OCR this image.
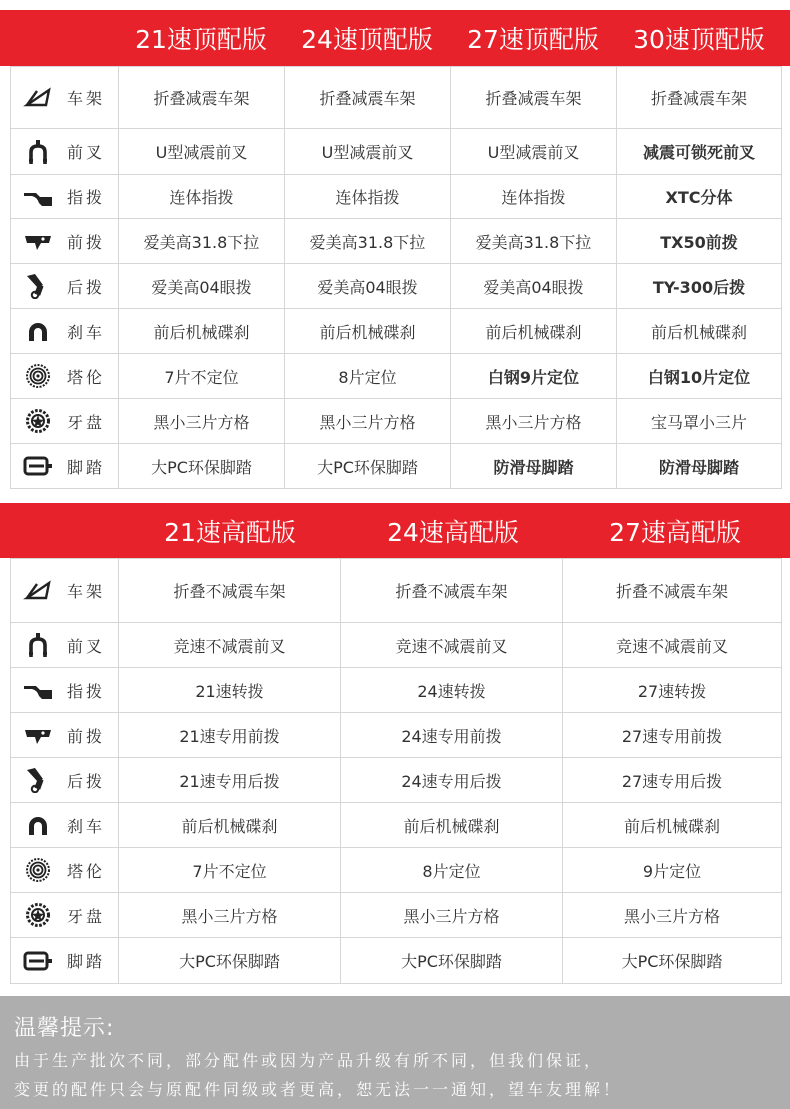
21速顶配版	24速顶配版	27速顶配版	30速顶配版
车架	折叠减震车架	折叠减震车架	折叠减震车架	折叠减震车架

前叉	U型减震前叉	U型减震前叉	U型减震前叉	减震可锁死前叉

指拨	连体指拨	连体指拨	连体指拨	XTC分体

前拨	爱美高31.8下拉	爱美高31.8下拉	爱美高31.8下拉	TX50前拨

后拨	爱美高04眼拨	爱美高04眼拨	爱美高04眼拨	TY-300后拨

刹车	前后机械碟刹	前后机械碟刹	前后机械碟刹	前后机械碟刹

塔伦	7片不定位	8片定位	白钢9片定位	白钢10片定位

牙盘	黑小三片方格	黑小三片方格	黑小三片方格	宝马罩小三片

脚踏	大PC环保脚踏	大PC环保脚踏	防滑母脚踏	防滑母脚踏
21速高配版	24速高配版	27速高配版
车架	折叠不减震车架	折叠不减震车架	折叠不减震车架

前叉	竞速不减震前叉	竞速不减震前叉	竞速不减震前叉

指拨	21速转拨	24速转拨	27速转拨

前拨	21速专用前拨	24速专用前拨	27速专用前拨

后拨	21速专用后拨	24速专用后拨	27速专用后拨

刹车	前后机械碟刹	前后机械碟刹	前后机械碟刹

塔伦	7片不定位	8片定位	9片定位

牙盘	黑小三片方格	黑小三片方格	黑小三片方格

脚踏	大PC环保脚踏	大PC环保脚踏	大PC环保脚踏
温馨提示:
由于生产批次不同，部分配件或因为产品升级有所不同，但我们保证，
变更的配件只会与原配件同级或者更高，恕无法一一通知，望车友理解！
